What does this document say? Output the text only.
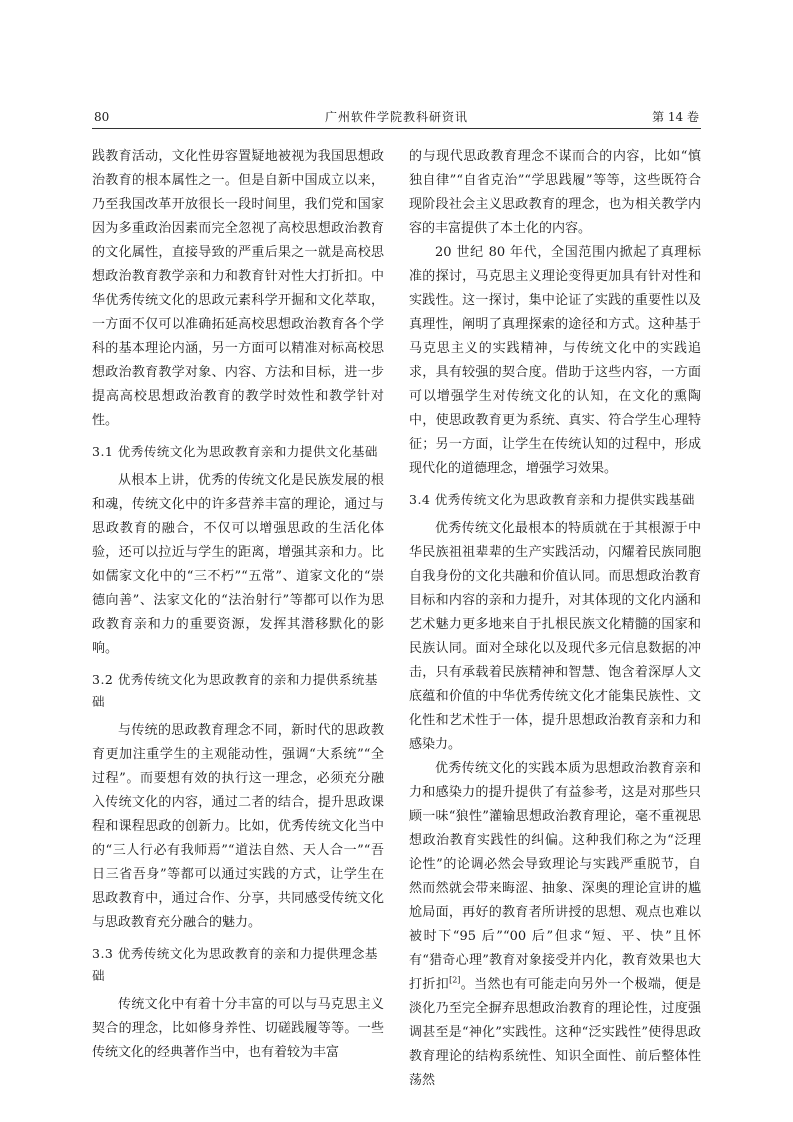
80	广州软件学院教科研资讯	第 14 卷

践教育活动，文化性毋容置疑地被视为我国思想政治教育的根本属性之一。但是自新中国成立以来，乃至我国改革开放很长一段时间里，我们党和国家因为多重政治因素而完全忽视了高校思想政治教育的文化属性，直接导致的严重后果之一就是高校思想政治教育教学亲和力和教育针对性大打折扣。中华优秀传统文化的思政元素科学开掘和文化萃取，一方面不仅可以准确拓延高校思想政治教育各个学科的基本理论内涵，另一方面可以精准对标高校思想政治教育教学对象、内容、方法和目标，进一步提高高校思想政治教育的教学时效性和教学针对性。

3.1 优秀传统文化为思政教育亲和力提供文化基础

从根本上讲，优秀的传统文化是民族发展的根和魂，传统文化中的许多营养丰富的理论，通过与思政教育的融合，不仅可以增强思政的生活化体验，还可以拉近与学生的距离，增强其亲和力。比如儒家文化中的“三不朽”“五常”、道家文化的“崇德向善”、法家文化的“法治射行”等都可以作为思政教育亲和力的重要资源，发挥其潜移默化的影响。

3.2 优秀传统文化为思政教育的亲和力提供系统基础

与传统的思政教育理念不同，新时代的思政教育更加注重学生的主观能动性，强调“大系统”“全过程”。而要想有效的执行这一理念，必须充分融入传统文化的内容，通过二者的结合，提升思政课程和课程思政的创新力。比如，优秀传统文化当中的“三人行必有我师焉”“道法自然、天人合一”“吾日三省吾身”等都可以通过实践的方式，让学生在思政教育中，通过合作、分享，共同感受传统文化与思政教育充分融合的魅力。

3.3 优秀传统文化为思政教育的亲和力提供理念基础

传统文化中有着十分丰富的可以与马克思主义契合的理念，比如修身养性、切磋践履等等。一些传统文化的经典著作当中，也有着较为丰富

的与现代思政教育理念不谋而合的内容，比如“慎独自律”“自省克治”“学思践履”等等，这些既符合现阶段社会主义思政教育的理念，也为相关教学内容的丰富提供了本土化的内容。

20 世纪 80 年代，全国范围内掀起了真理标准的探讨，马克思主义理论变得更加具有针对性和实践性。这一探讨，集中论证了实践的重要性以及真理性，阐明了真理探索的途径和方式。这种基于马克思主义的实践精神，与传统文化中的实践追求，具有较强的契合度。借助于这些内容，一方面可以增强学生对传统文化的认知，在文化的熏陶中，使思政教育更为系统、真实、符合学生心理特征；另一方面，让学生在传统认知的过程中，形成现代化的道德理念，增强学习效果。

3.4 优秀传统文化为思政教育亲和力提供实践基础

优秀传统文化最根本的特质就在于其根源于中华民族祖祖辈辈的生产实践活动，闪耀着民族同胞自我身份的文化共融和价值认同。而思想政治教育目标和内容的亲和力提升，对其体现的文化内涵和艺术魅力更多地来自于扎根民族文化精髓的国家和民族认同。面对全球化以及现代多元信息数据的冲击，只有承载着民族精神和智慧、饱含着深厚人文底蕴和价值的中华优秀传统文化才能集民族性、文化性和艺术性于一体，提升思想政治教育亲和力和感染力。

优秀传统文化的实践本质为思想政治教育亲和力和感染力的提升提供了有益参考，这是对那些只顾一味“狼性”灌输思想政治教育理论，毫不重视思想政治教育实践性的纠偏。这种我们称之为“泛理论性”的论调必然会导致理论与实践严重脱节，自然而然就会带来晦涩、抽象、深奥的理论宣讲的尴尬局面，再好的教育者所讲授的思想、观点也难以被时下“95 后”“00 后”但求“短、平、快”且怀有“猎奇心理”教育对象接受并内化，教育效果也大打折扣[2]。当然也有可能走向另外一个极端，便是淡化乃至完全摒弃思想政治教育的理论性，过度强调甚至是“神化”实践性。这种“泛实践性”使得思政教育理论的结构系统性、知识全面性、前后整体性荡然
